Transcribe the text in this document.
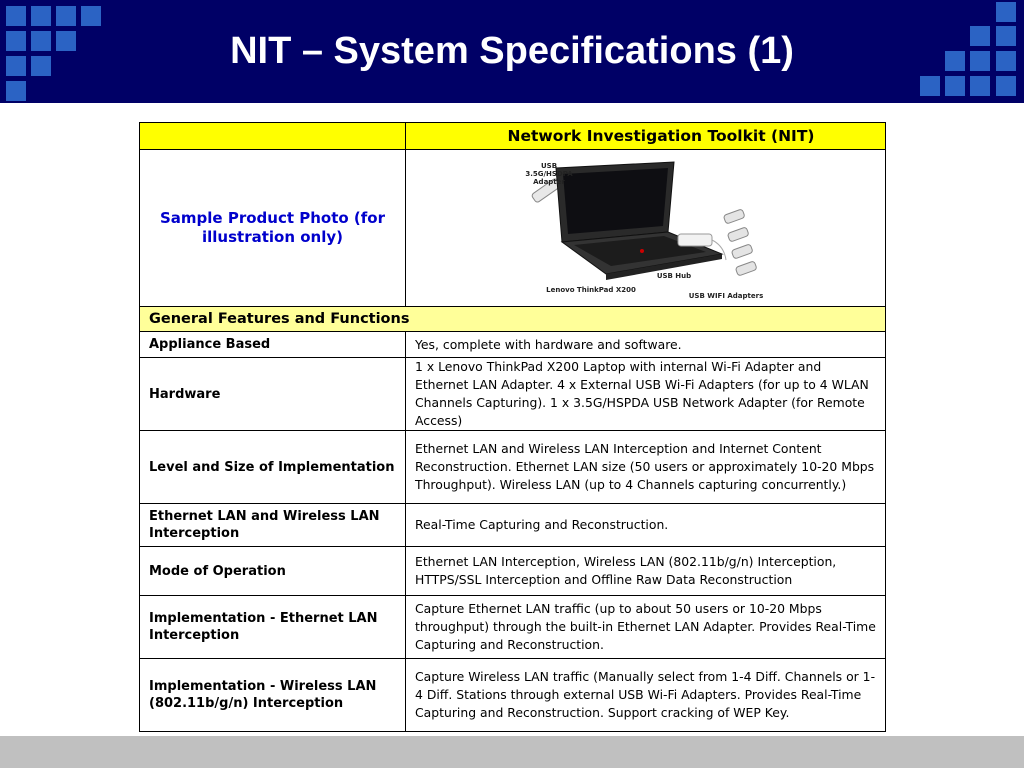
NIT – System Specifications (1)
	Network Investigation Toolkit (NIT)
Sample Product Photo (for illustration only)	USB 3.5G/HSDPA Adapter
Lenovo ThinkPad X200
USB Hub
USB WIFI Adapters

General Features and Functions	
Appliance Based	Yes, complete with hardware and software.
Hardware	1 x Lenovo ThinkPad X200 Laptop with internal Wi-Fi Adapter and Ethernet LAN Adapter. 4 x External USB Wi-Fi Adapters (for up to 4 WLAN Channels Capturing). 1 x 3.5G/HSPDA USB Network Adapter (for Remote Access)
Level and Size of Implementation	Ethernet LAN and Wireless LAN Interception and Internet Content Reconstruction. Ethernet LAN size (50 users or approximately 10-20 Mbps Throughput). Wireless LAN (up to 4 Channels capturing concurrently.)
Ethernet LAN and Wireless LAN Interception	Real-Time Capturing and Reconstruction.
Mode of Operation	Ethernet LAN Interception, Wireless LAN (802.11b/g/n) Interception, HTTPS/SSL Interception and Offline Raw Data Reconstruction
Implementation - Ethernet LAN Interception	Capture Ethernet LAN traffic (up to about 50 users or 10-20 Mbps throughput) through the built-in Ethernet LAN Adapter. Provides Real-Time Capturing and Reconstruction.
Implementation - Wireless LAN (802.11b/g/n) Interception	Capture Wireless LAN traffic (Manually select from 1-4 Diff. Channels or 1-4 Diff. Stations through external USB Wi-Fi Adapters. Provides Real-Time Capturing and Reconstruction. Support cracking of WEP Key.
